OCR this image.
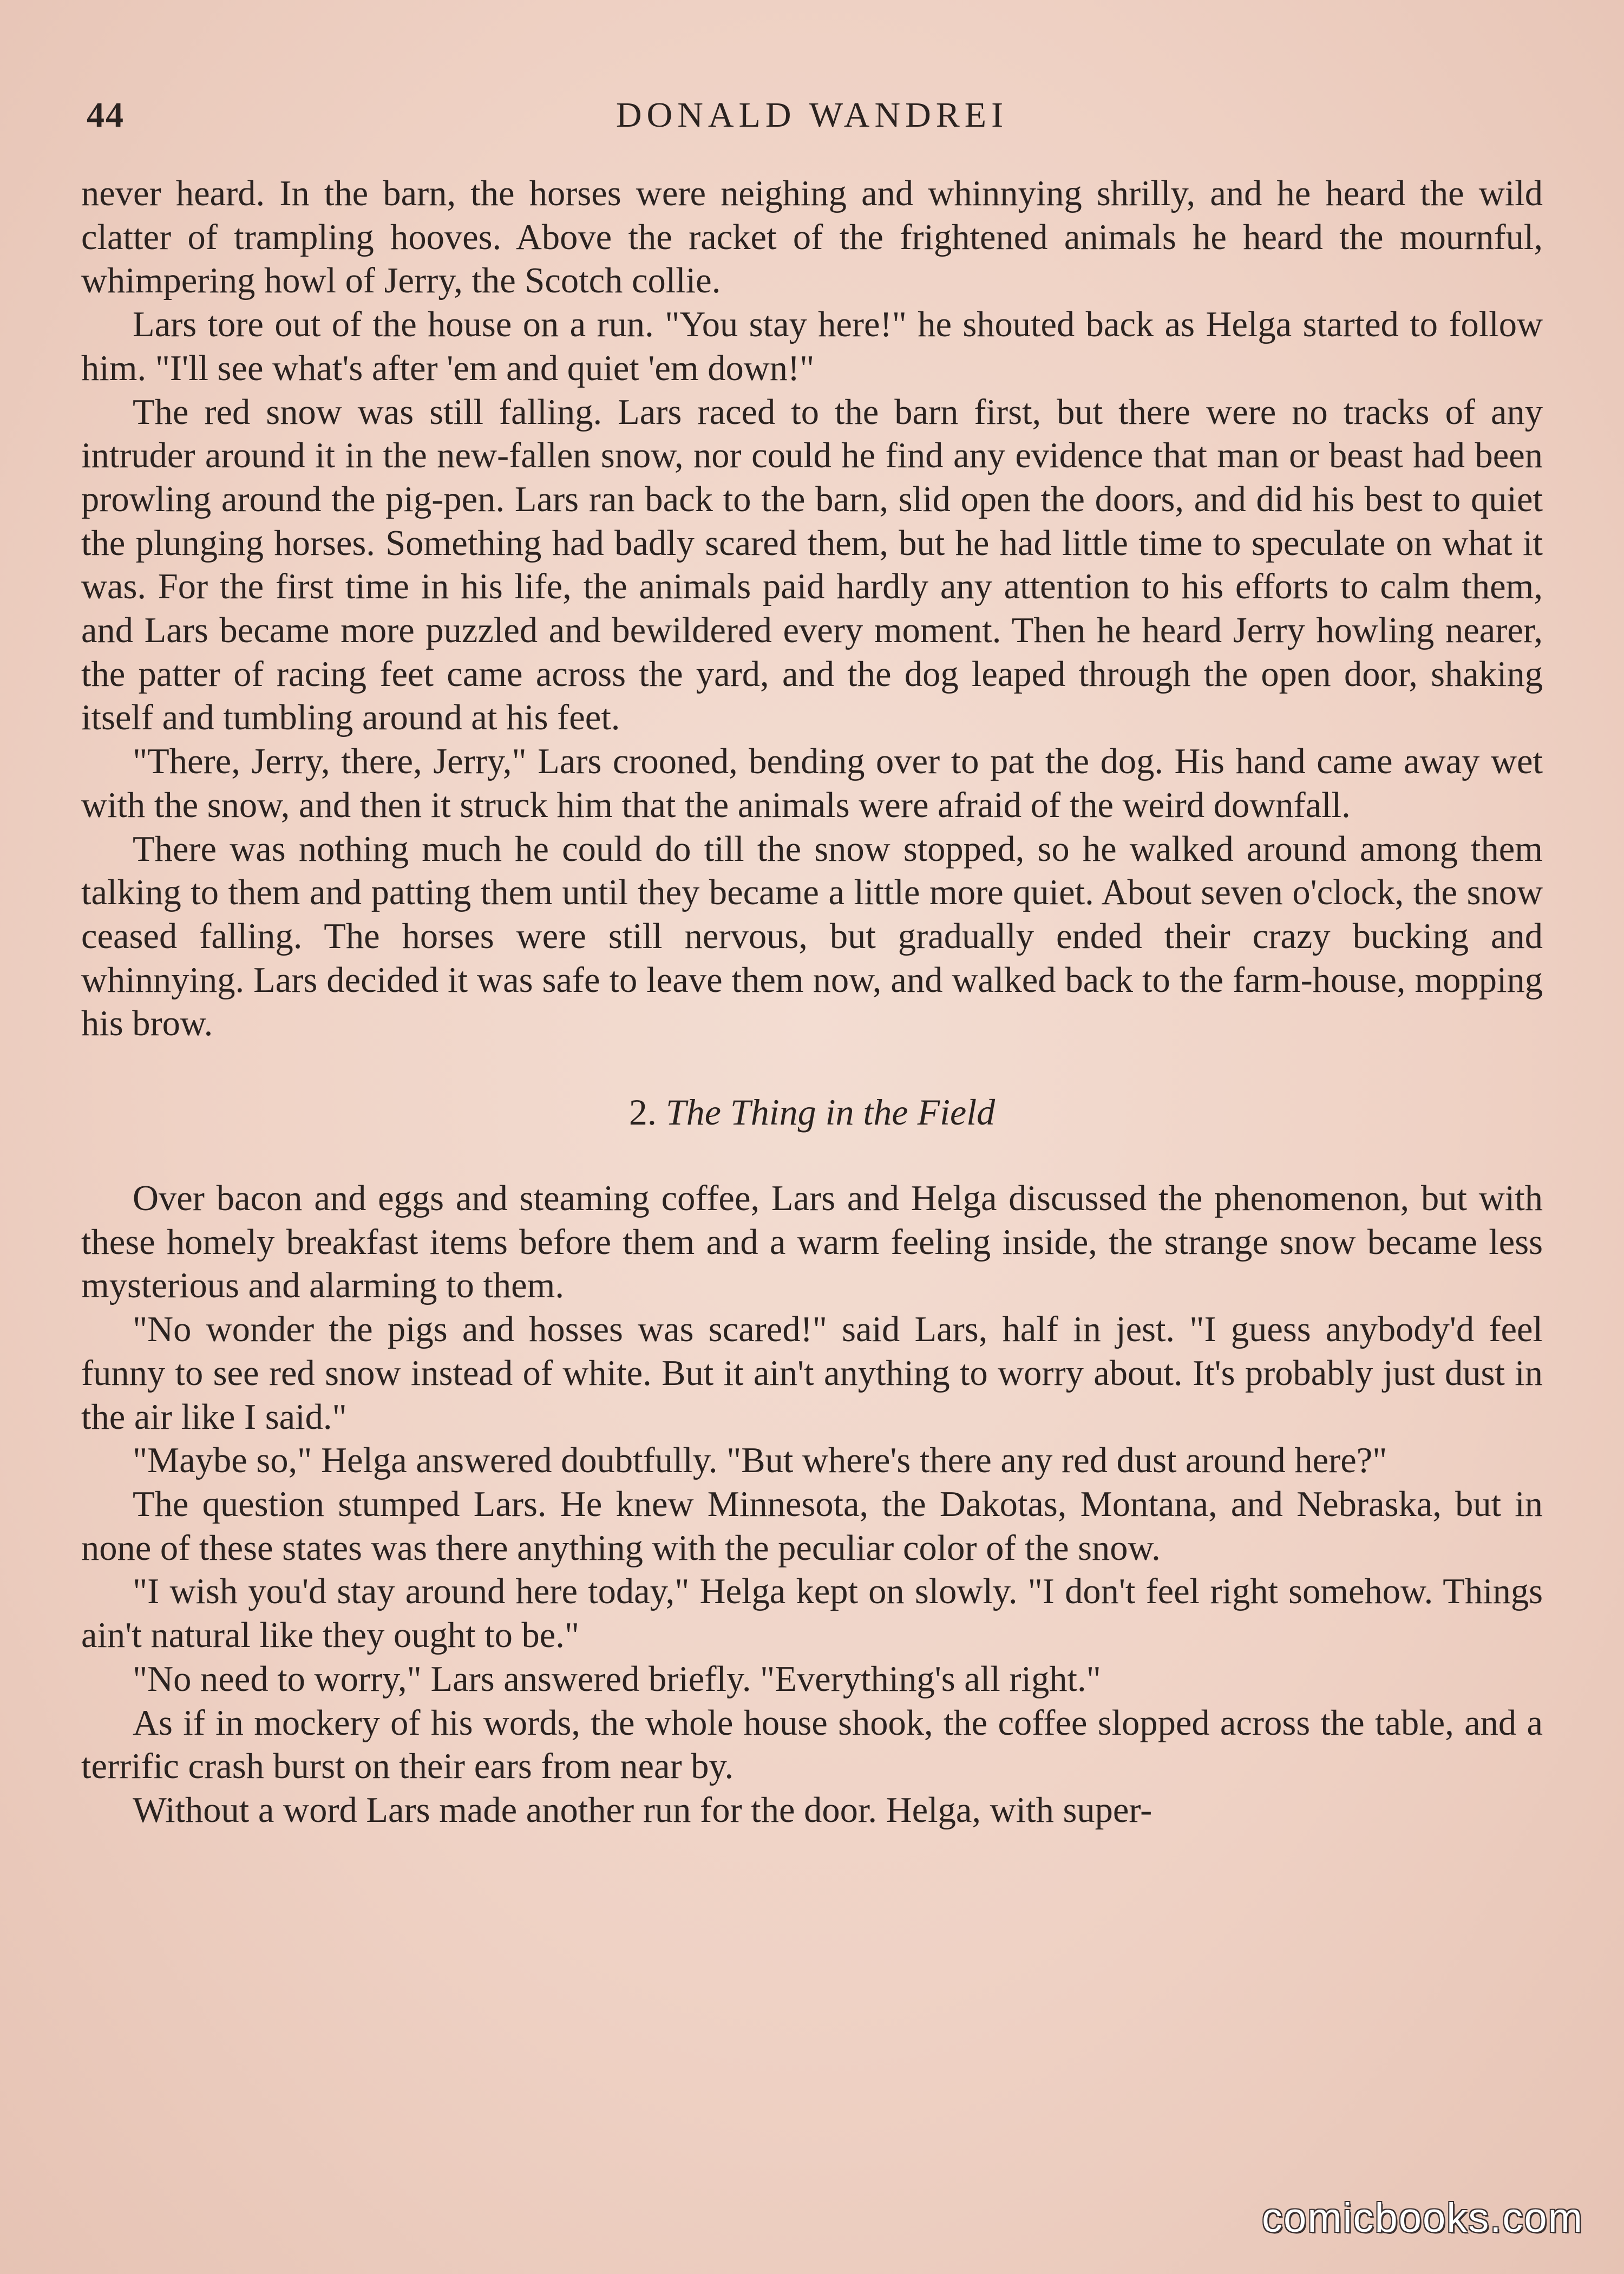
44	DONALD WANDREI

never heard. In the barn, the horses were neighing and whinnying shrilly, and he heard the wild clatter of trampling hooves. Above the racket of the frightened animals he heard the mournful, whimpering howl of Jerry, the Scotch collie.

Lars tore out of the house on a run. "You stay here!" he shouted back as Helga started to follow him. "I'll see what's after 'em and quiet 'em down!"

The red snow was still falling. Lars raced to the barn first, but there were no tracks of any intruder around it in the new-fallen snow, nor could he find any evidence that man or beast had been prowling around the pig-pen. Lars ran back to the barn, slid open the doors, and did his best to quiet the plunging horses. Something had badly scared them, but he had little time to speculate on what it was. For the first time in his life, the animals paid hardly any attention to his efforts to calm them, and Lars became more puzzled and bewildered every moment. Then he heard Jerry howling nearer, the patter of racing feet came across the yard, and the dog leaped through the open door, shaking itself and tumbling around at his feet.

"There, Jerry, there, Jerry," Lars crooned, bending over to pat the dog. His hand came away wet with the snow, and then it struck him that the animals were afraid of the weird downfall.

There was nothing much he could do till the snow stopped, so he walked around among them talking to them and patting them until they became a little more quiet. About seven o'clock, the snow ceased falling. The horses were still nervous, but gradually ended their crazy bucking and whinnying. Lars decided it was safe to leave them now, and walked back to the farm-house, mopping his brow.

2. The Thing in the Field

Over bacon and eggs and steaming coffee, Lars and Helga discussed the phenomenon, but with these homely breakfast items before them and a warm feeling inside, the strange snow became less mysterious and alarming to them.

"No wonder the pigs and hosses was scared!" said Lars, half in jest. "I guess anybody'd feel funny to see red snow instead of white. But it ain't anything to worry about. It's probably just dust in the air like I said."

"Maybe so," Helga answered doubtfully. "But where's there any red dust around here?"

The question stumped Lars. He knew Minnesota, the Dakotas, Montana, and Nebraska, but in none of these states was there anything with the peculiar color of the snow.

"I wish you'd stay around here today," Helga kept on slowly. "I don't feel right somehow. Things ain't natural like they ought to be."

"No need to worry," Lars answered briefly. "Everything's all right."

As if in mockery of his words, the whole house shook, the coffee slopped across the table, and a terrific crash burst on their ears from near by.

Without a word Lars made another run for the door. Helga, with super-

comicbooks.com
